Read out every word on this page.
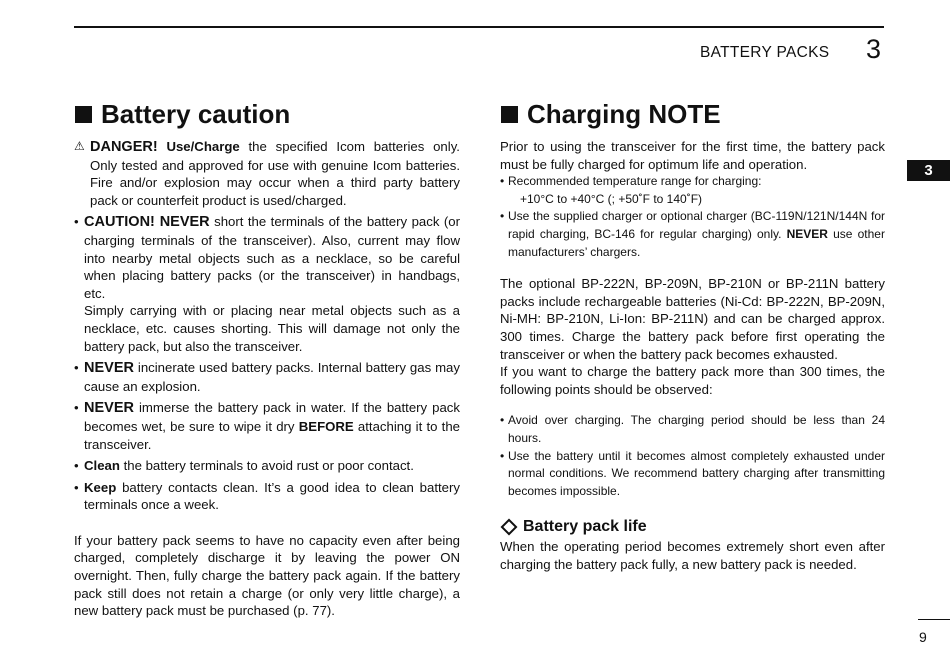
BATTERY PACKS 3
3
9
Battery caution
⚠ DANGER! Use/Charge the specified Icom batteries only. Only tested and approved for use with genuine Icom batteries. Fire and/or explosion may occur when a third party battery pack or counterfeit product is used/charged.
• CAUTION! NEVER short the terminals of the battery pack (or charging terminals of the transceiver). Also, current may flow into nearby metal objects such as a necklace, so be careful when placing battery packs (or the transceiver) in handbags, etc.
Simply carrying with or placing near metal objects such as a necklace, etc. causes shorting. This will damage not only the battery pack, but also the transceiver.
• NEVER incinerate used battery packs. Internal battery gas may cause an explosion.
• NEVER immerse the battery pack in water. If the battery pack becomes wet, be sure to wipe it dry BEFORE attaching it to the transceiver.
• Clean the battery terminals to avoid rust or poor contact.
• Keep battery contacts clean. It’s a good idea to clean battery terminals once a week.

If your battery pack seems to have no capacity even after being charged, completely discharge it by leaving the power ON overnight. Then, fully charge the battery pack again. If the battery pack still does not retain a charge (or only very little charge), a new battery pack must be purchased (p. 77).

Charging NOTE

Prior to using the transceiver for the first time, the battery pack must be fully charged for optimum life and operation.

• Recommended temperature range for charging:
+10°C to +40°C (; +50˚F to 140˚F)
• Use the supplied charger or optional charger (BC-119N/121N/144N for rapid charging, BC-146 for regular charging) only. NEVER use other manufacturers’ chargers.

The optional BP-222N, BP-209N, BP-210N or BP-211N battery packs include rechargeable batteries (Ni-Cd: BP-222N, BP-209N, Ni-MH: BP-210N, Li-Ion: BP-211N) and can be charged approx. 300 times. Charge the battery pack before first operating the transceiver or when the battery pack becomes exhausted.

If you want to charge the battery pack more than 300 times, the following points should be observed:

• Avoid over charging. The charging period should be less than 24 hours.
• Use the battery until it becomes almost completely exhausted under normal conditions. We recommend battery charging after transmitting becomes impossible.
Battery pack life

When the operating period becomes extremely short even after charging the battery pack fully, a new battery pack is needed.
